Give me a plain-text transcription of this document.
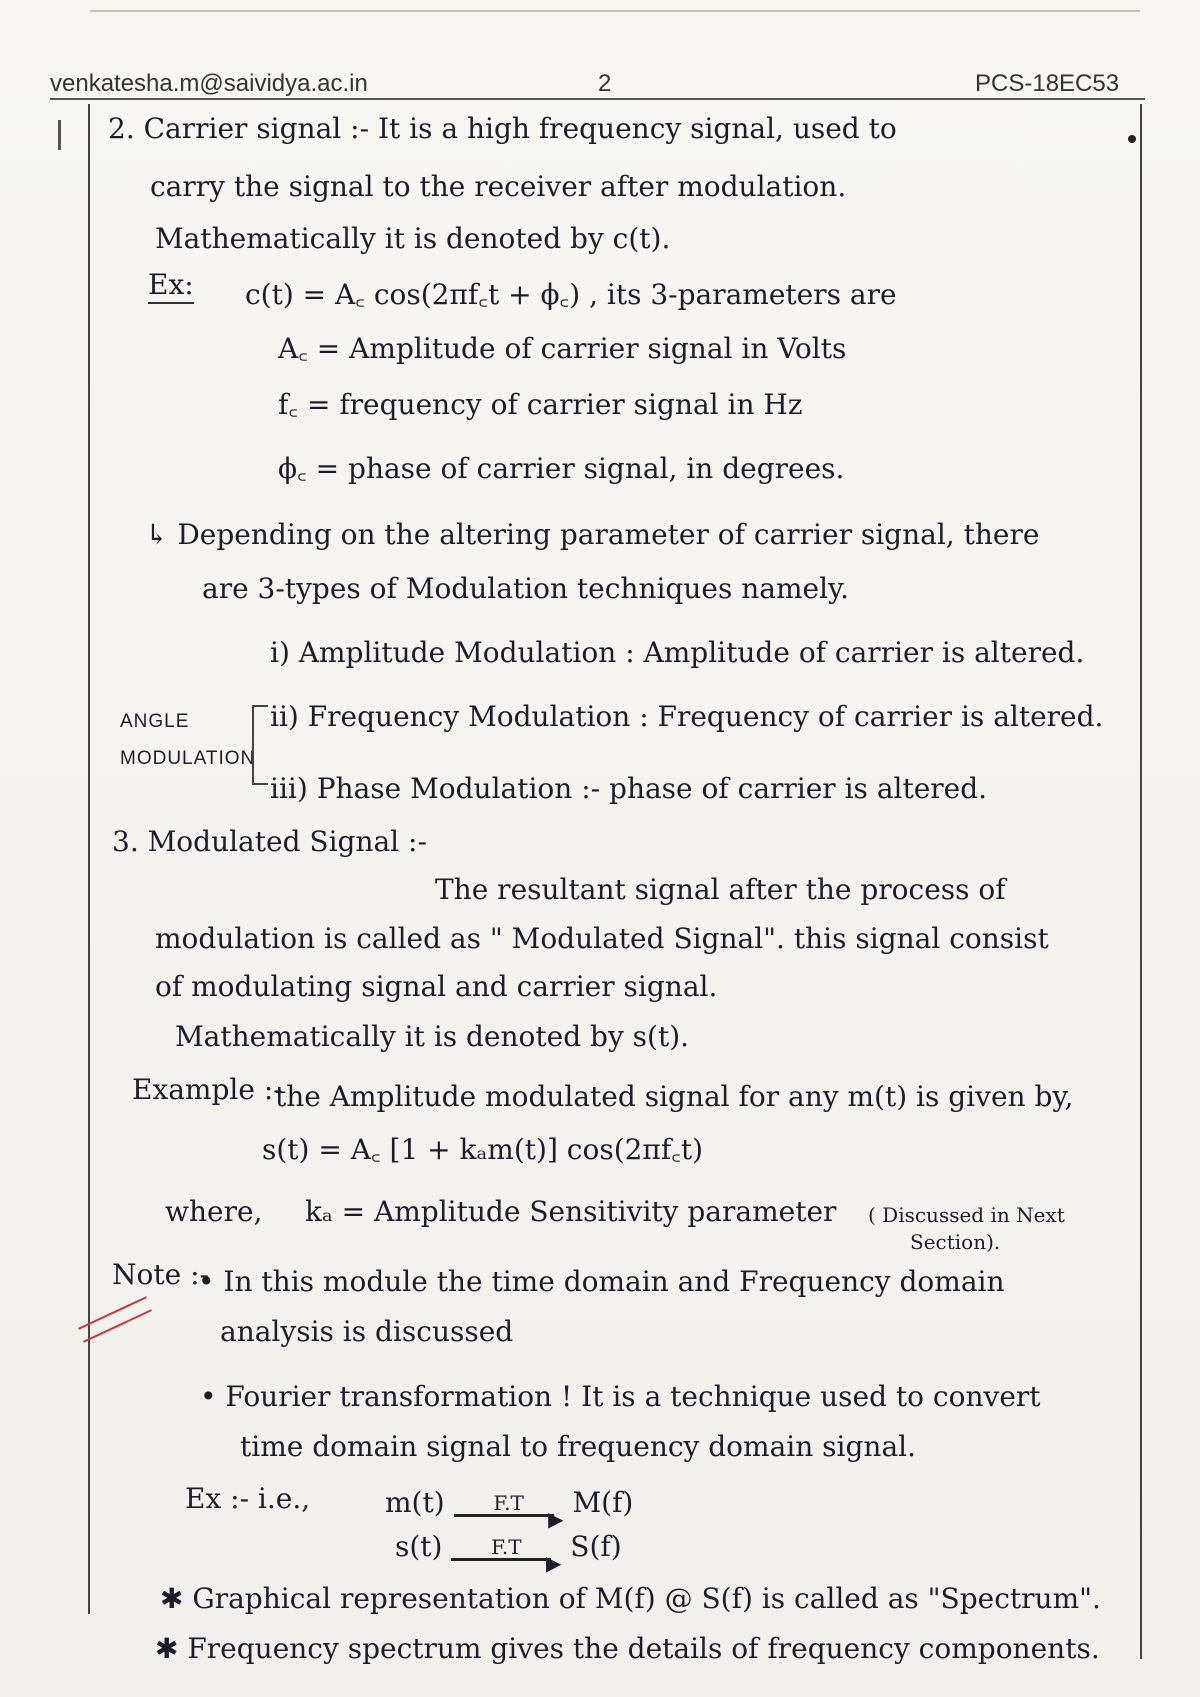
venkatesha.m@saividya.ac.in	2	PCS-18EC53
2. Carrier signal :- It is a high frequency signal, used to
carry the signal to the receiver after modulation.
Mathematically it is denoted by c(t).
Ex: c(t) = A꜀ cos(2πf꜀t + ϕ꜀) , its 3-parameters are
A꜀ = Amplitude of carrier signal in Volts
f꜀ = frequency of carrier signal in Hz
ϕ꜀ = phase of carrier signal, in degrees.
↳ Depending on the altering parameter of carrier signal, there
are 3-types of Modulation techniques namely.
i) Amplitude Modulation : Amplitude of carrier is altered.
ANGLE
MODULATION
ii) Frequency Modulation : Frequency of carrier is altered.
iii) Phase Modulation :- phase of carrier is altered.
3. Modulated Signal :-
The resultant signal after the process of
modulation is called as " Modulated Signal". this signal consist
of modulating signal and carrier signal.
Mathematically it is denoted by s(t).
Example :-
the Amplitude modulated signal for any m(t) is given by,
s(t) = A꜀ [1 + kₐm(t)] cos(2πf꜀t)
where, kₐ = Amplitude Sensitivity parameter ( Discussed in Next
Section).
Note :-
• In this module the time domain and Frequency domain
analysis is discussed
• Fourier transformation ! It is a technique used to convert
time domain signal to frequency domain signal.
Ex :- i.e.,	m(t) ▶ F.T M(f)
s(t) ▶ F.T S(f)
✱ Graphical representation of M(f) @ S(f) is called as "Spectrum".
✱ Frequency spectrum gives the details of frequency components.
